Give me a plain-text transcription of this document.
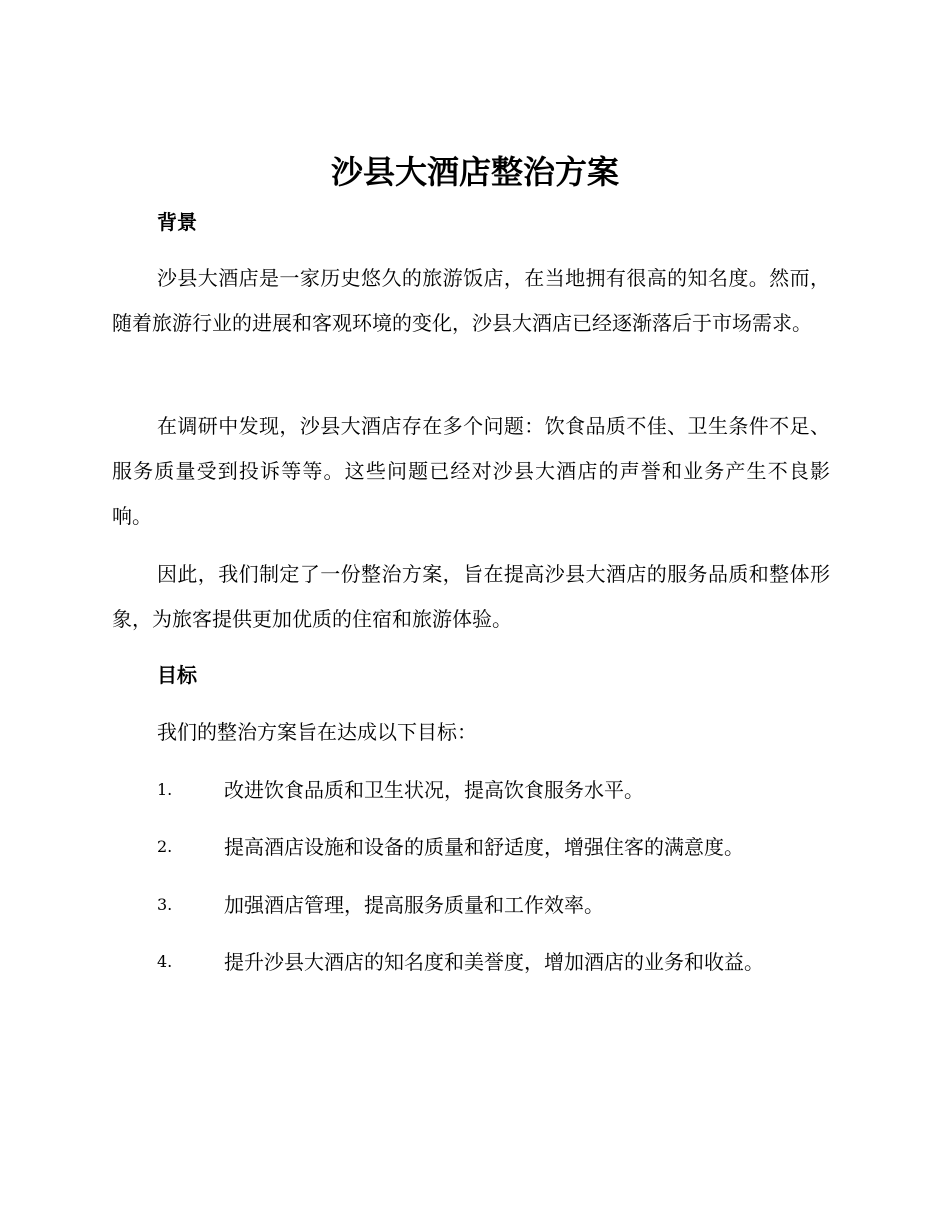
沙县大酒店整治方案
背景
沙县大酒店是一家历史悠久的旅游饭店，在当地拥有很高的知名度。然而，随着旅游行业的进展和客观环境的变化，沙县大酒店已经逐渐落后于市场需求。
在调研中发现，沙县大酒店存在多个问题：饮食品质不佳、卫生条件不足、服务质量受到投诉等等。这些问题已经对沙县大酒店的声誉和业务产生不良影响。
因此，我们制定了一份整治方案，旨在提高沙县大酒店的服务品质和整体形象，为旅客提供更加优质的住宿和旅游体验。
目标
我们的整治方案旨在达成以下目标：
1.	改进饮食品质和卫生状况，提高饮食服务水平。
2.	提高酒店设施和设备的质量和舒适度，增强住客的满意度。
3.	加强酒店管理，提高服务质量和工作效率。
4.	提升沙县大酒店的知名度和美誉度，增加酒店的业务和收益。
